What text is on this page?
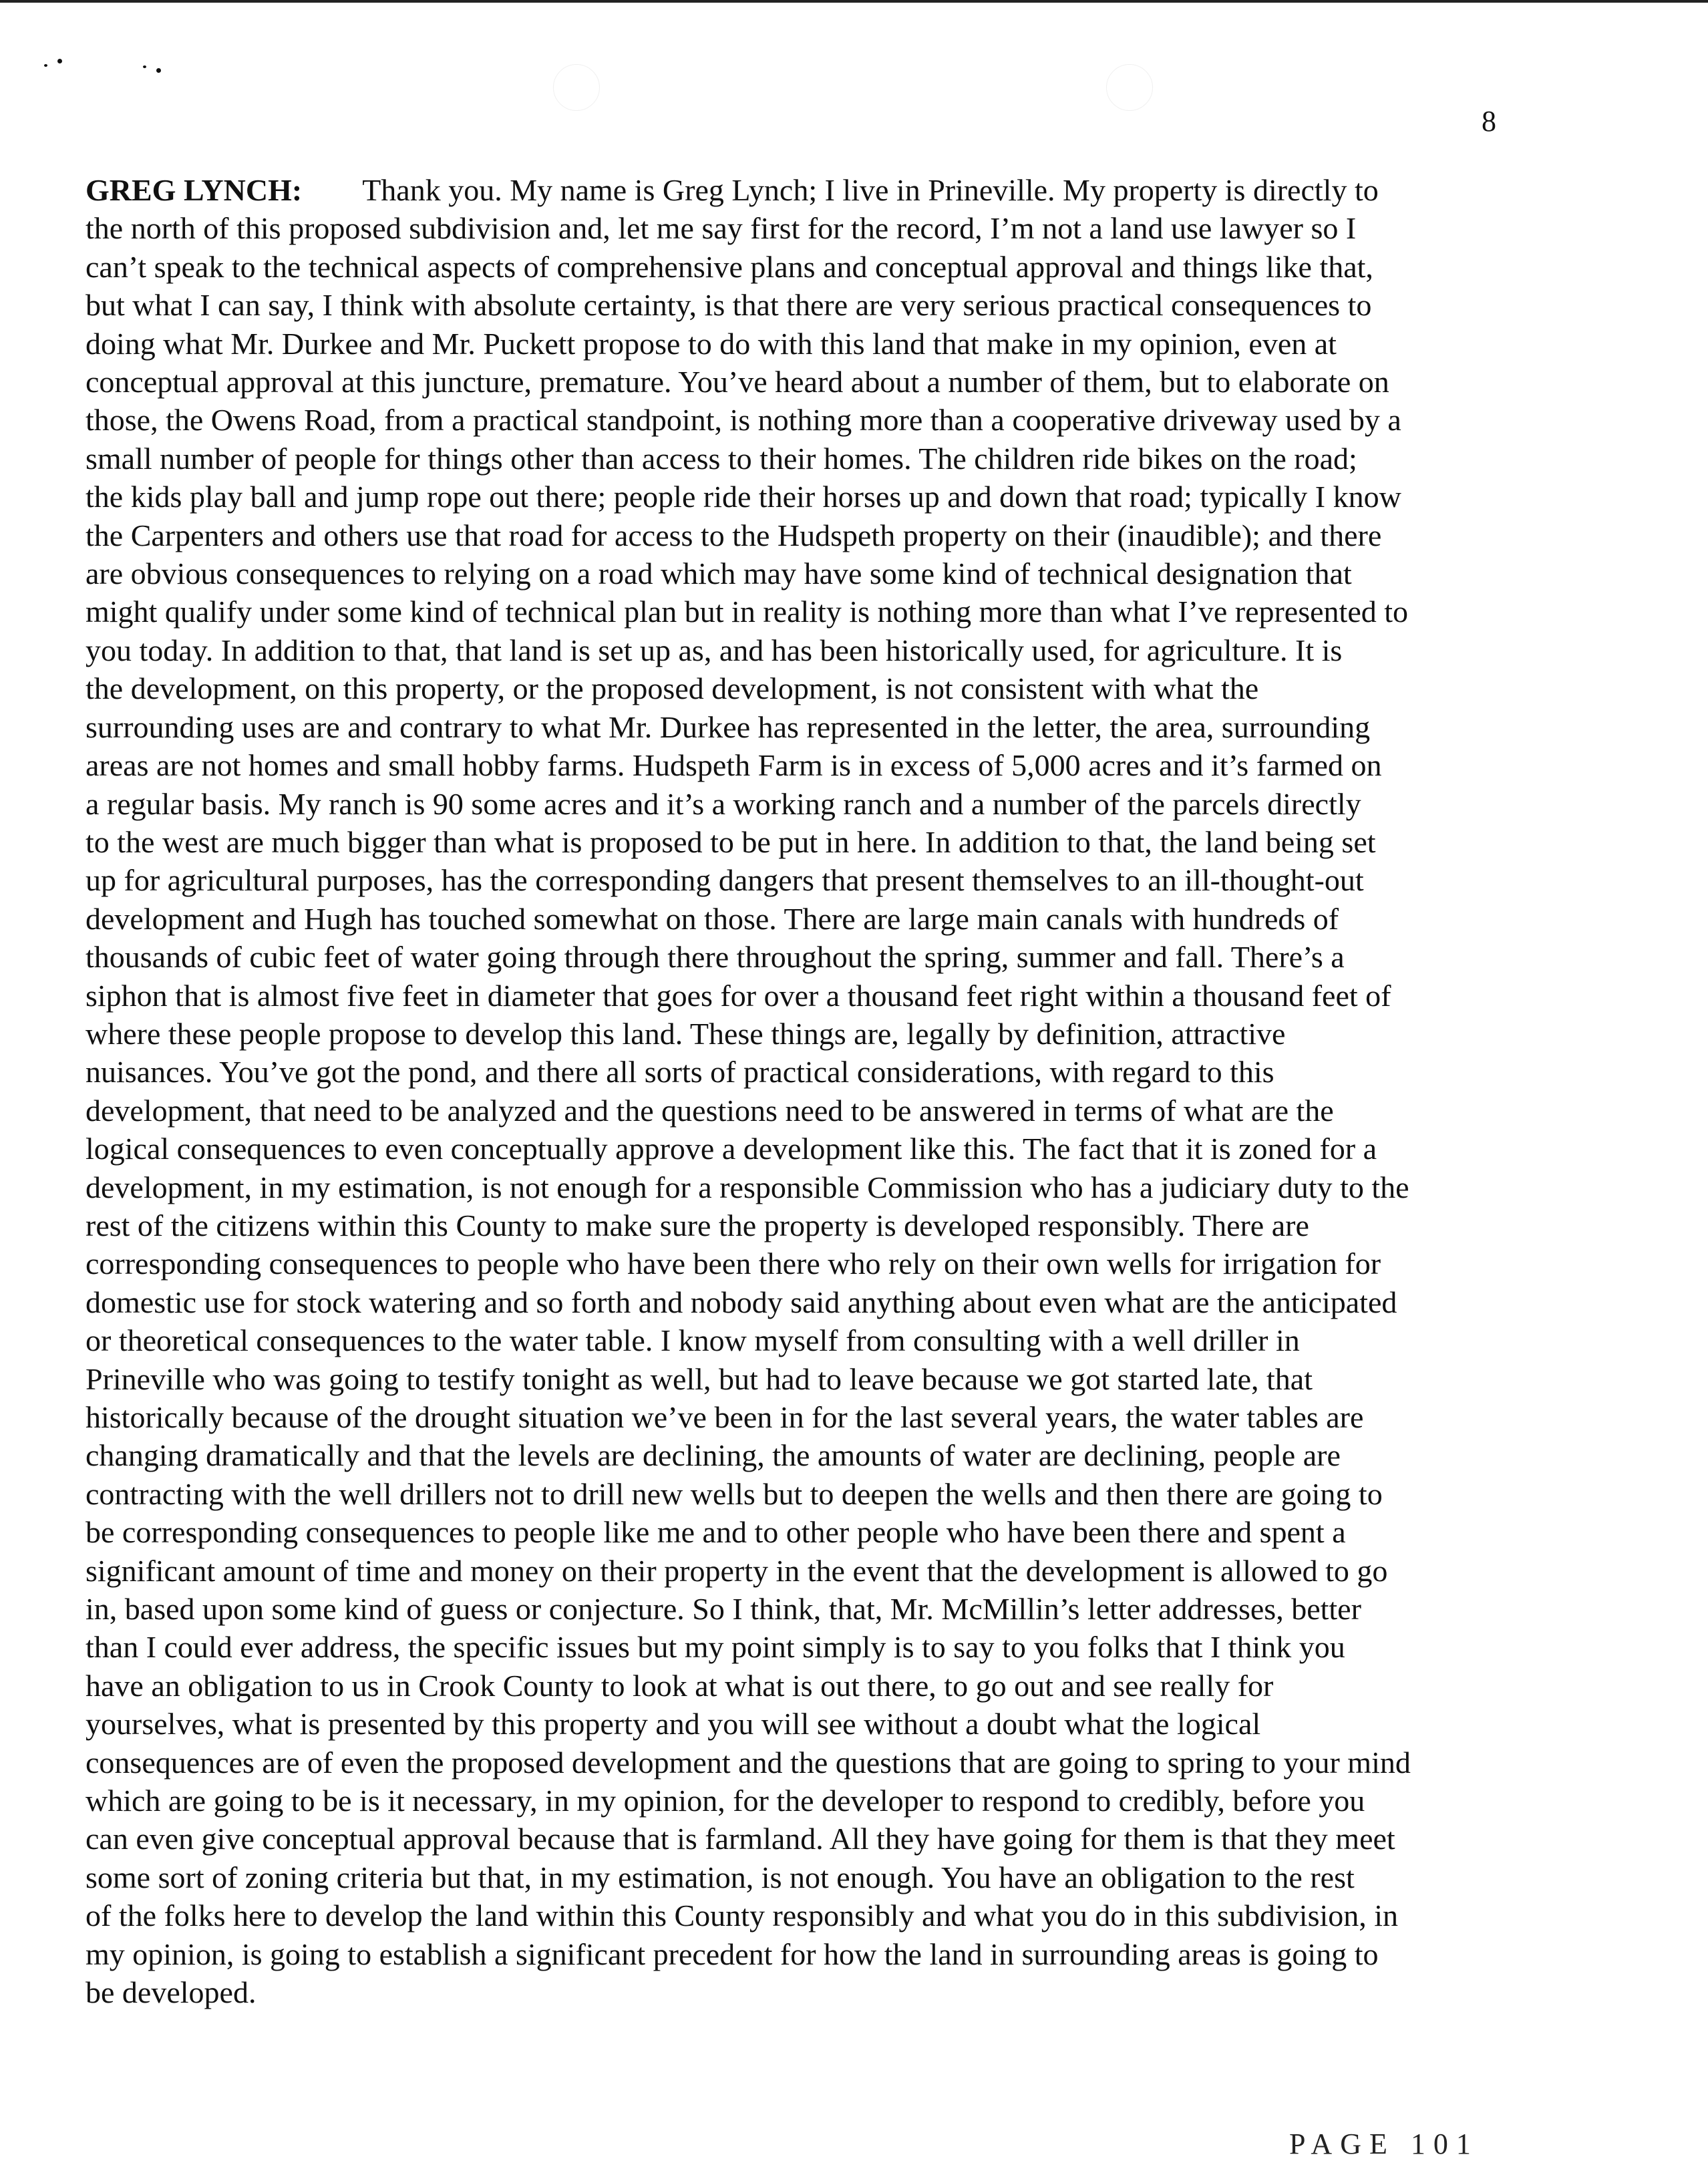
8
GREG LYNCH: Thank you. My name is Greg Lynch; I live in Prineville. My property is directly to
the north of this proposed subdivision and, let me say first for the record, I’m not a land use lawyer so I
can’t speak to the technical aspects of comprehensive plans and conceptual approval and things like that,
but what I can say, I think with absolute certainty, is that there are very serious practical consequences to
doing what Mr. Durkee and Mr. Puckett propose to do with this land that make in my opinion, even at
conceptual approval at this juncture, premature. You’ve heard about a number of them, but to elaborate on
those, the Owens Road, from a practical standpoint, is nothing more than a cooperative driveway used by a
small number of people for things other than access to their homes. The children ride bikes on the road;
the kids play ball and jump rope out there; people ride their horses up and down that road; typically I know
the Carpenters and others use that road for access to the Hudspeth property on their (inaudible); and there
are obvious consequences to relying on a road which may have some kind of technical designation that
might qualify under some kind of technical plan but in reality is nothing more than what I’ve represented to
you today. In addition to that, that land is set up as, and has been historically used, for agriculture. It is
the development, on this property, or the proposed development, is not consistent with what the
surrounding uses are and contrary to what Mr. Durkee has represented in the letter, the area, surrounding
areas are not homes and small hobby farms. Hudspeth Farm is in excess of 5,000 acres and it’s farmed on
a regular basis. My ranch is 90 some acres and it’s a working ranch and a number of the parcels directly
to the west are much bigger than what is proposed to be put in here. In addition to that, the land being set
up for agricultural purposes, has the corresponding dangers that present themselves to an ill-thought-out
development and Hugh has touched somewhat on those. There are large main canals with hundreds of
thousands of cubic feet of water going through there throughout the spring, summer and fall. There’s a
siphon that is almost five feet in diameter that goes for over a thousand feet right within a thousand feet of
where these people propose to develop this land. These things are, legally by definition, attractive
nuisances. You’ve got the pond, and there all sorts of practical considerations, with regard to this
development, that need to be analyzed and the questions need to be answered in terms of what are the
logical consequences to even conceptually approve a development like this. The fact that it is zoned for a
development, in my estimation, is not enough for a responsible Commission who has a judiciary duty to the
rest of the citizens within this County to make sure the property is developed responsibly. There are
corresponding consequences to people who have been there who rely on their own wells for irrigation for
domestic use for stock watering and so forth and nobody said anything about even what are the anticipated
or theoretical consequences to the water table. I know myself from consulting with a well driller in
Prineville who was going to testify tonight as well, but had to leave because we got started late, that
historically because of the drought situation we’ve been in for the last several years, the water tables are
changing dramatically and that the levels are declining, the amounts of water are declining, people are
contracting with the well drillers not to drill new wells but to deepen the wells and then there are going to
be corresponding consequences to people like me and to other people who have been there and spent a
significant amount of time and money on their property in the event that the development is allowed to go
in, based upon some kind of guess or conjecture. So I think, that, Mr. McMillin’s letter addresses, better
than I could ever address, the specific issues but my point simply is to say to you folks that I think you
have an obligation to us in Crook County to look at what is out there, to go out and see really for
yourselves, what is presented by this property and you will see without a doubt what the logical
consequences are of even the proposed development and the questions that are going to spring to your mind
which are going to be is it necessary, in my opinion, for the developer to respond to credibly, before you
can even give conceptual approval because that is farmland. All they have going for them is that they meet
some sort of zoning criteria but that, in my estimation, is not enough. You have an obligation to the rest
of the folks here to develop the land within this County responsibly and what you do in this subdivision, in
my opinion, is going to establish a significant precedent for how the land in surrounding areas is going to
be developed.
PAGE 101
